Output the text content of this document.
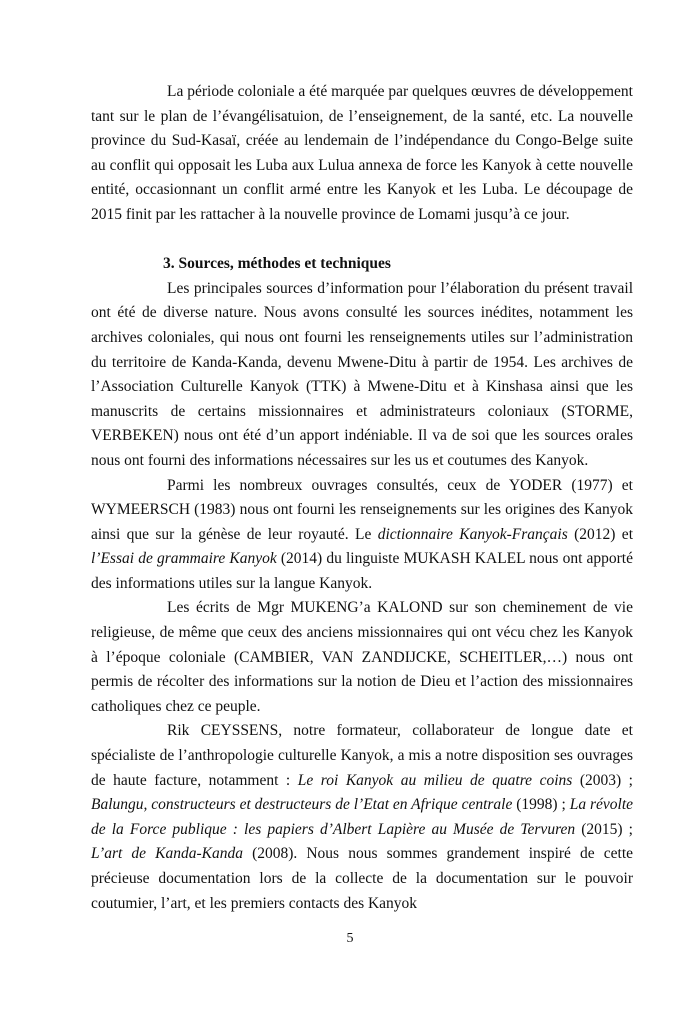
La période coloniale a été marquée par quelques œuvres de développement tant sur le plan de l’évangélisatuion, de l’enseignement, de la santé, etc. La nouvelle province du Sud-Kasaï, créée au lendemain de l’indépendance du Congo-Belge suite au conflit qui opposait les Luba aux Lulua annexa de force les Kanyok à cette nouvelle entité, occasionnant un conflit armé entre les Kanyok et les Luba. Le découpage de 2015 finit par les rattacher à la nouvelle province de Lomami jusqu’à ce jour.

3. Sources, méthodes et techniques

Les principales sources d’information pour l’élaboration du présent travail ont été de diverse nature. Nous avons consulté les sources inédites, notamment les archives coloniales, qui nous ont fourni les renseignements utiles sur l’administration du territoire de Kanda-Kanda, devenu Mwene-Ditu à partir de 1954. Les archives de l’Association Culturelle Kanyok (TTK) à Mwene-Ditu et à Kinshasa ainsi que les manuscrits de certains missionnaires et administrateurs coloniaux (STORME, VERBEKEN) nous ont été d’un apport indéniable. Il va de soi que les sources orales nous ont fourni des informations nécessaires sur les us et coutumes des Kanyok.

Parmi les nombreux ouvrages consultés, ceux de YODER (1977) et WYMEERSCH (1983) nous ont fourni les renseignements sur les origines des Kanyok ainsi que sur la génèse de leur royauté. Le dictionnaire Kanyok-Français (2012) et l’Essai de grammaire Kanyok (2014) du linguiste MUKASH KALEL nous ont apporté des informations utiles sur la langue Kanyok.

Les écrits de Mgr MUKENG’a KALOND sur son cheminement de vie religieuse, de même que ceux des anciens missionnaires qui ont vécu chez les Kanyok à l’époque coloniale (CAMBIER, VAN ZANDIJCKE, SCHEITLER,…) nous ont permis de récolter des informations sur la notion de Dieu et l’action des missionnaires catholiques chez ce peuple.

Rik CEYSSENS, notre formateur, collaborateur de longue date et spécialiste de l’anthropologie culturelle Kanyok, a mis a notre disposition ses ouvrages de haute facture, notamment : Le roi Kanyok au milieu de quatre coins (2003) ; Balungu, constructeurs et destructeurs de l’Etat en Afrique centrale (1998) ; La révolte de la Force publique : les papiers d’Albert Lapière au Musée de Tervuren (2015) ; L’art de Kanda-Kanda (2008). Nous nous sommes grandement inspiré de cette précieuse documentation lors de la collecte de la documentation sur le pouvoir coutumier, l’art, et les premiers contacts des Kanyok

5
